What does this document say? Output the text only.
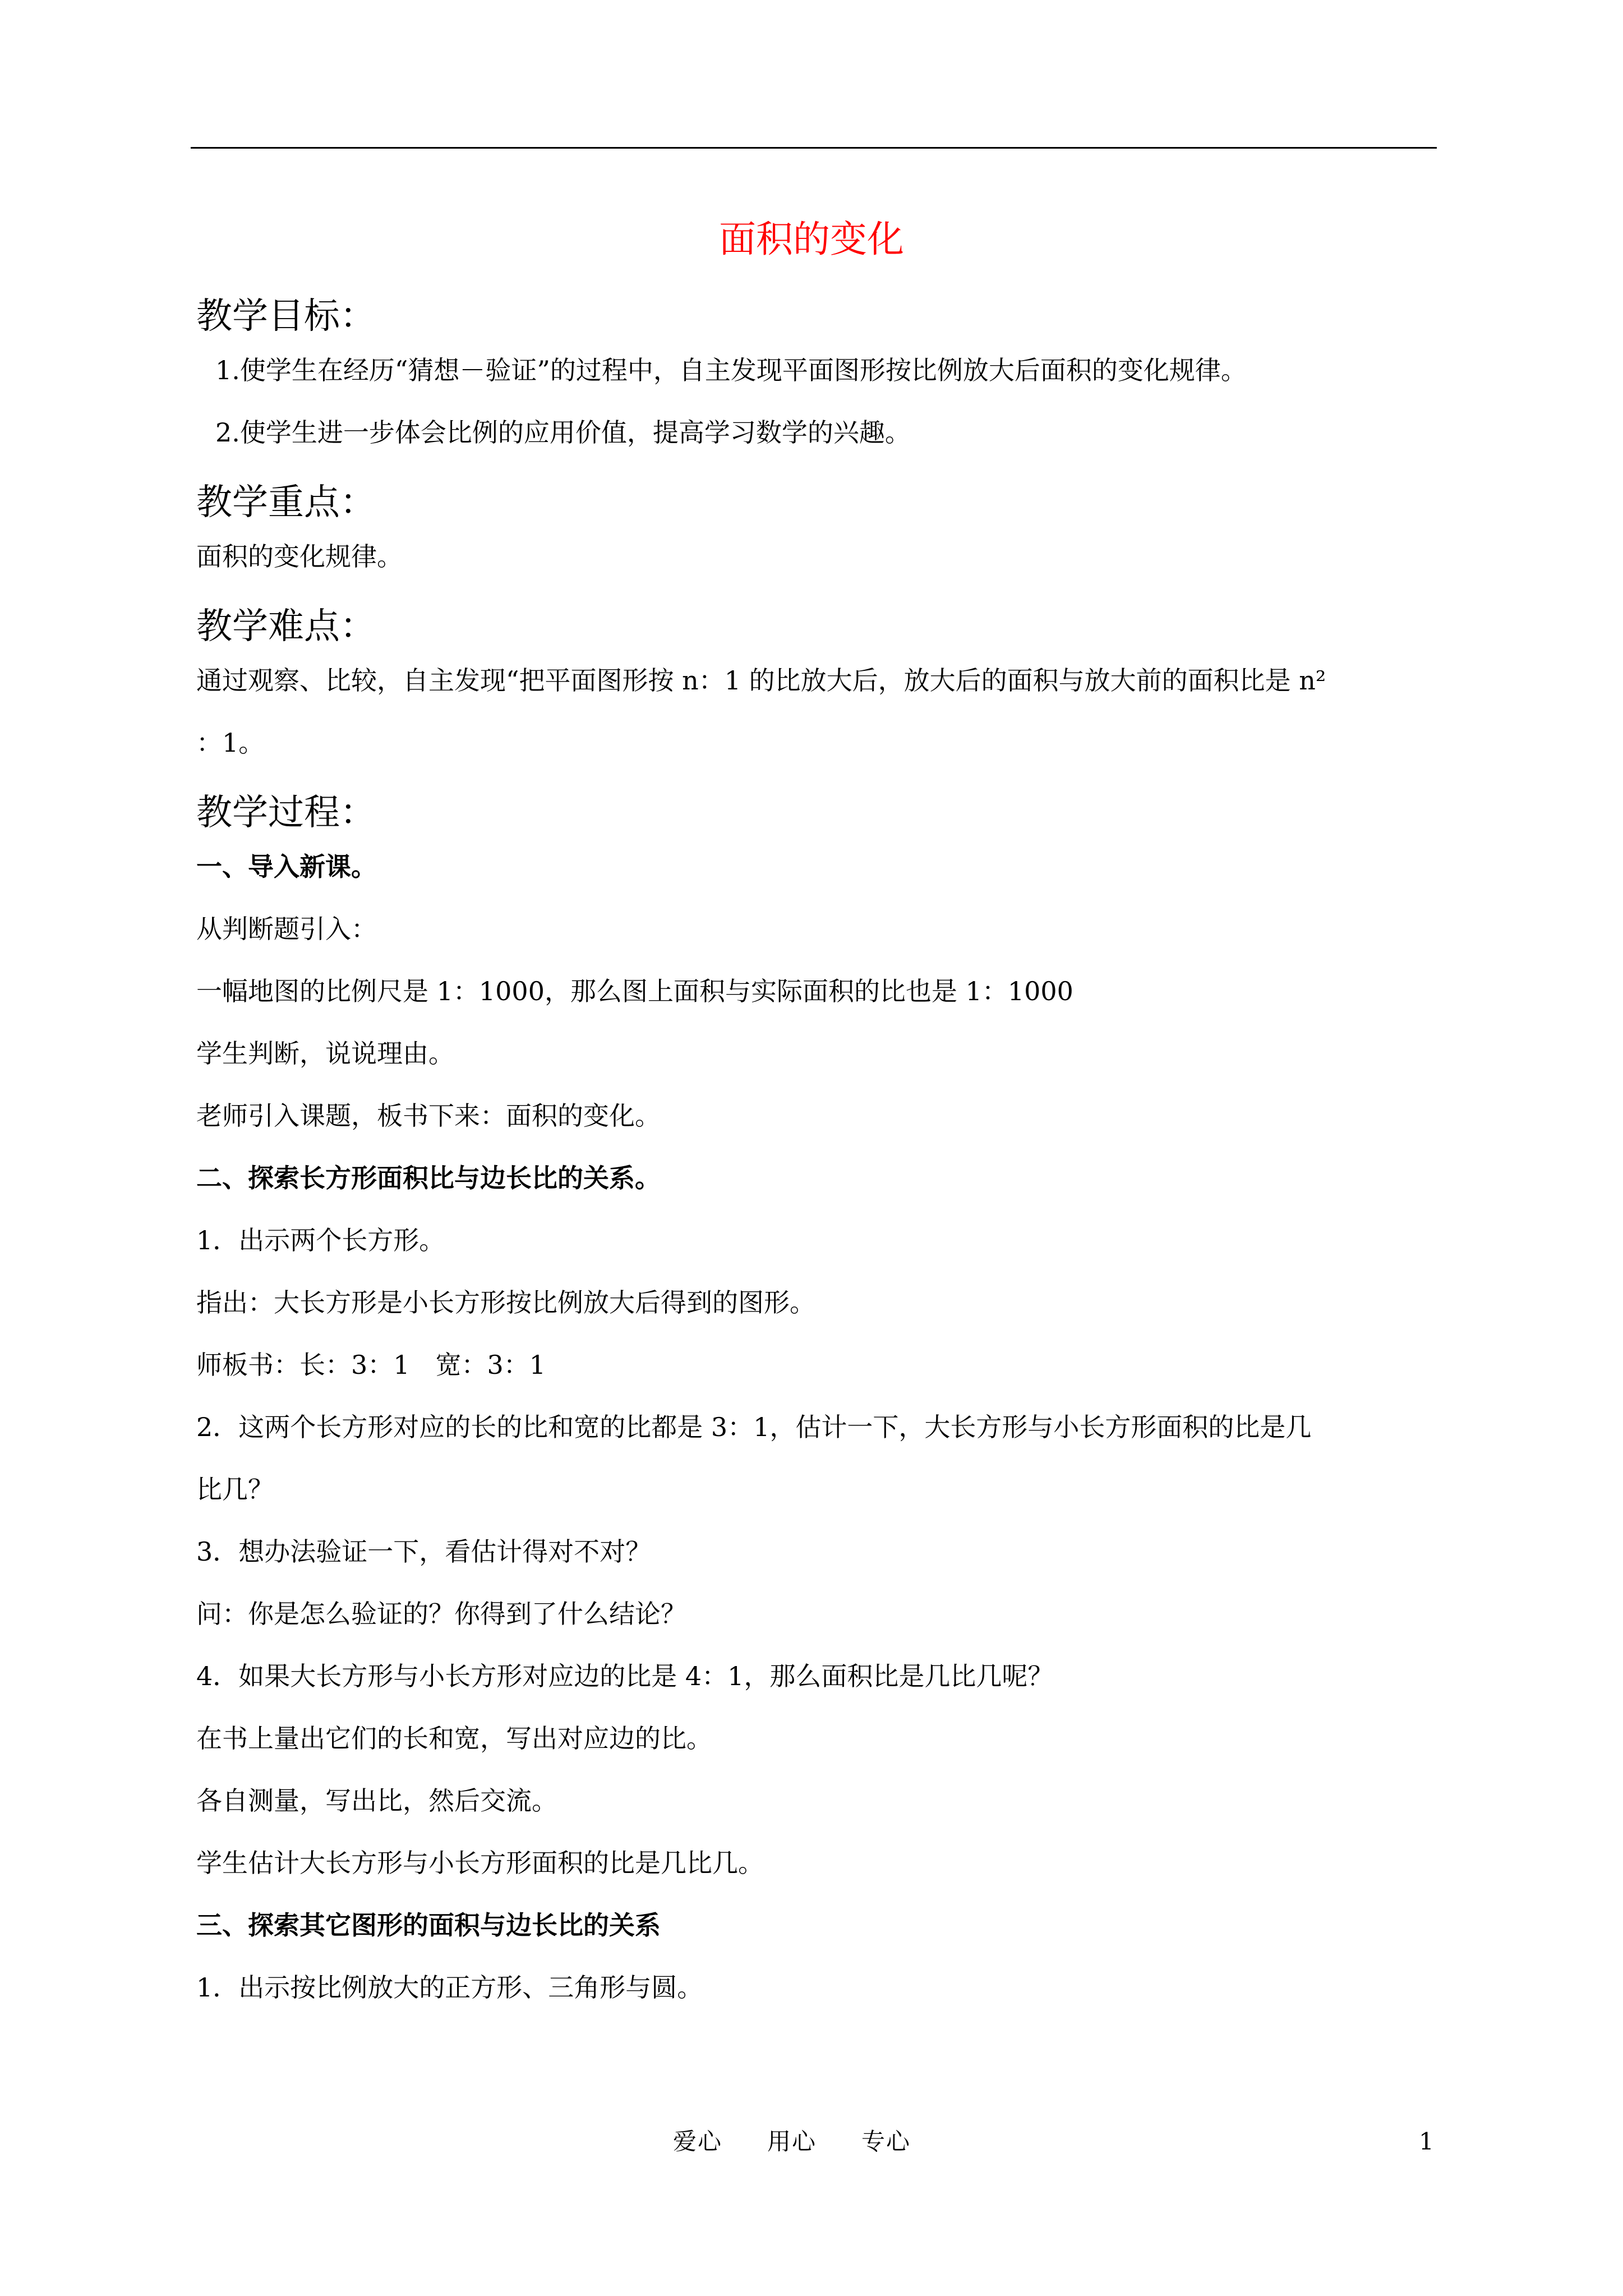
面积的变化
教学目标：

1.使学生在经历“猜想－验证”的过程中，自主发现平面图形按比例放大后面积的变化规律。

2.使学生进一步体会比例的应用价值，提高学习数学的兴趣。

教学重点：

面积的变化规律。

教学难点：

通过观察、比较，自主发现“把平面图形按 n：1 的比放大后，放大后的面积与放大前的面积比是 n²

：1。

教学过程：

一、导入新课。

从判断题引入：

一幅地图的比例尺是 1：1000，那么图上面积与实际面积的比也是 1：1000

学生判断，说说理由。

老师引入课题，板书下来：面积的变化。

二、探索长方形面积比与边长比的关系。

1．出示两个长方形。

指出：大长方形是小长方形按比例放大后得到的图形。

师板书：长：3：1　宽：3：1

2．这两个长方形对应的长的比和宽的比都是 3：1，估计一下，大长方形与小长方形面积的比是几

比几？

3．想办法验证一下，看估计得对不对？

问：你是怎么验证的？你得到了什么结论？

4．如果大长方形与小长方形对应边的比是 4：1，那么面积比是几比几呢？

在书上量出它们的长和宽，写出对应边的比。

各自测量，写出比，然后交流。

学生估计大长方形与小长方形面积的比是几比几。

三、探索其它图形的面积与边长比的关系

1．出示按比例放大的正方形、三角形与圆。

爱心 用心 专心	1
